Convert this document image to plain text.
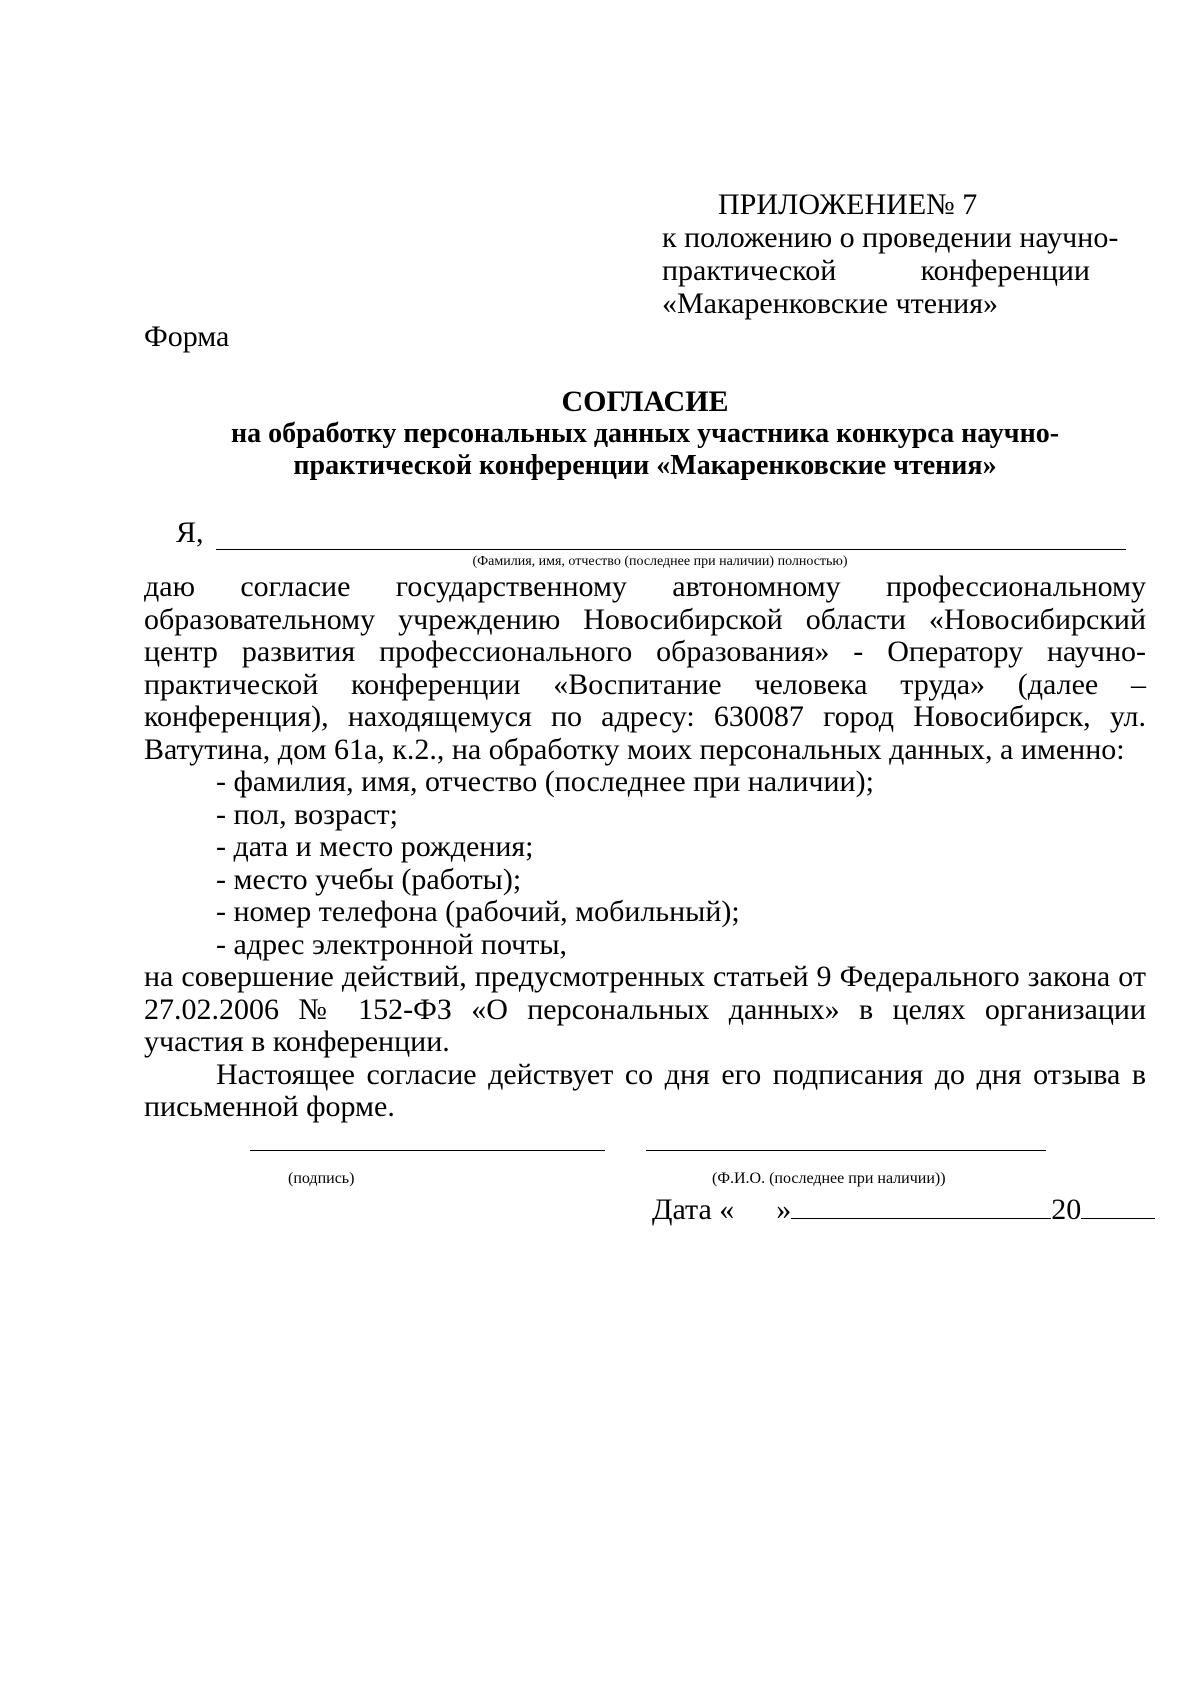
ПРИЛОЖЕНИЕ№ 7
к положению о проведении научно-
практической	конференции
«Макаренковские чтения»
Форма
СОГЛАСИЕ
на обработку персональных данных участника конкурса научно-
практической конференции «Макаренковские чтения»
Я,
(Фамилия, имя, отчество (последнее при наличии) полностью)

даю согласие государственному автономному профессиональному образовательному учреждению Новосибирской области «Новосибирский центр развития профессионального образования» - Оператору научно-практической конференции «Воспитание человека труда» (далее – конференция), находящемуся по адресу: 630087 город Новосибирск, ул. Ватутина, дом 61а, к.2., на обработку моих персональных данных, а именно:

- фамилия, имя, отчество (последнее при наличии);
- пол, возраст;
- дата и место рождения;
- место учебы (работы);
- номер телефона (рабочий, мобильный);
- адрес электронной почты,

на совершение действий, предусмотренных статьей 9 Федерального закона от 27.02.2006 № 152-ФЗ «О персональных данных» в целях организации участия в конференции.

Настоящее согласие действует со дня его подписания до дня отзыва в письменной форме.

(подпись)	(Ф.И.О. (последнее при наличии))
Дата « »	20
